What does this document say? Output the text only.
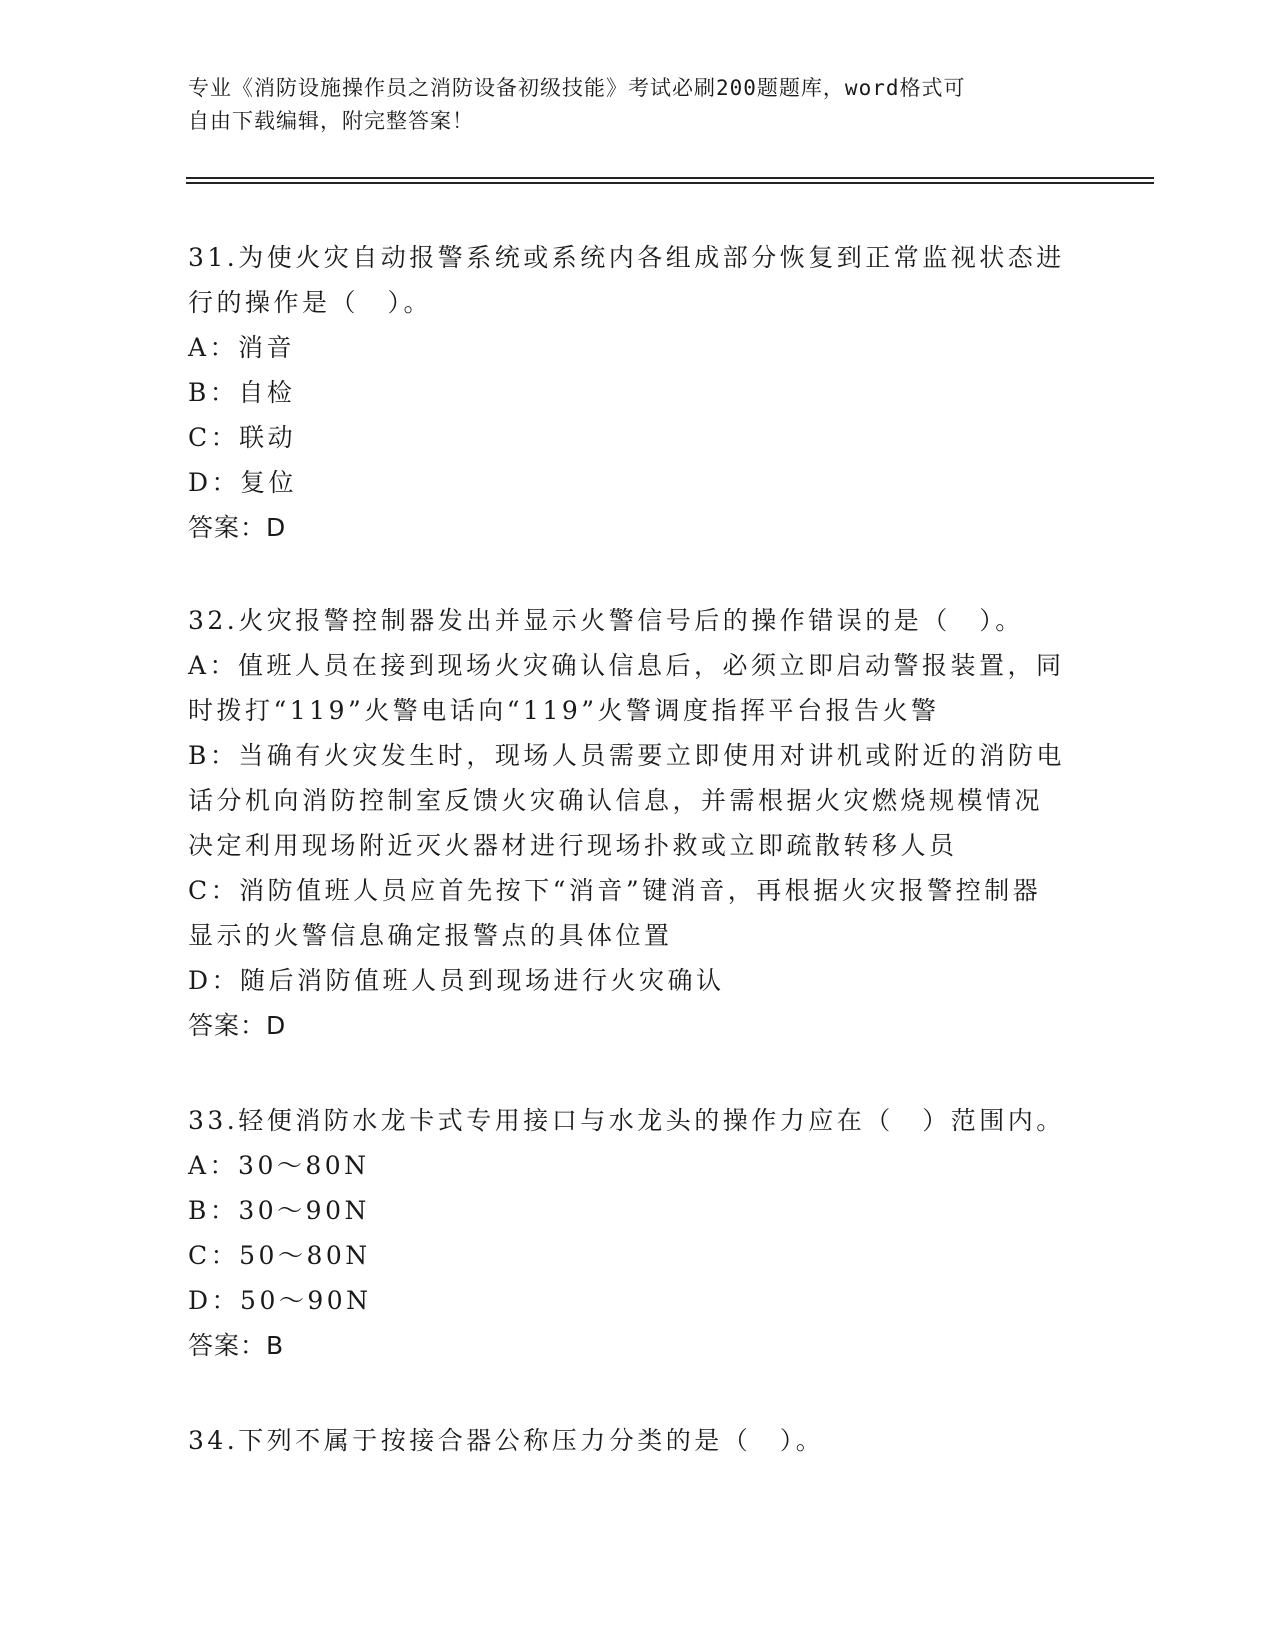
专业《消防设施操作员之消防设备初级技能》考试必刷200题题库，word格式可
自由下载编辑，附完整答案！
31.为使火灾自动报警系统或系统内各组成部分恢复到正常监视状态进
行的操作是（　）。
A：消音
B：自检
C：联动
D：复位
答案：D
32.火灾报警控制器发出并显示火警信号后的操作错误的是（　）。
A：值班人员在接到现场火灾确认信息后，必须立即启动警报装置，同
时拨打“119”火警电话向“119”火警调度指挥平台报告火警
B：当确有火灾发生时，现场人员需要立即使用对讲机或附近的消防电
话分机向消防控制室反馈火灾确认信息，并需根据火灾燃烧规模情况
决定利用现场附近灭火器材进行现场扑救或立即疏散转移人员
C：消防值班人员应首先按下“消音”键消音，再根据火灾报警控制器
显示的火警信息确定报警点的具体位置
D：随后消防值班人员到现场进行火灾确认
答案：D
33.轻便消防水龙卡式专用接口与水龙头的操作力应在（　）范围内。
A：30～80N
B：30～90N
C：50～80N
D：50～90N
答案：B
34.下列不属于按接合器公称压力分类的是（　）。
